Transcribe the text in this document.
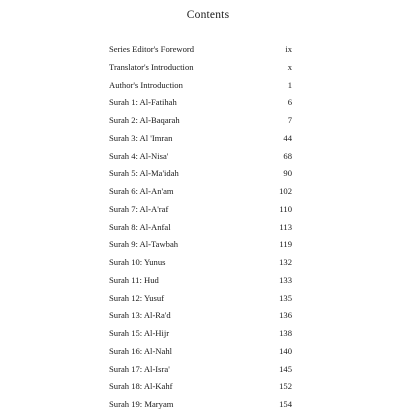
Contents
Series Editor's Foreword	ix
Translator's Introduction	x
Author's Introduction	1
Surah 1: Al-Fatihah	6
Surah 2: Al-Baqarah	7
Surah 3: Al 'Imran	44
Surah 4: Al-Nisa'	68
Surah 5: Al-Ma'idah	90
Surah 6: Al-An'am	102
Surah 7: Al-A'raf	110
Surah 8: Al-Anfal	113
Surah 9: Al-Tawbah	119
Surah 10: Yunus	132
Surah 11: Hud	133
Surah 12: Yusuf	135
Surah 13: Al-Ra'd	136
Surah 15: Al-Hijr	138
Surah 16: Al-Nahl	140
Surah 17: Al-Isra'	145
Surah 18: Al-Kahf	152
Surah 19: Maryam	154
